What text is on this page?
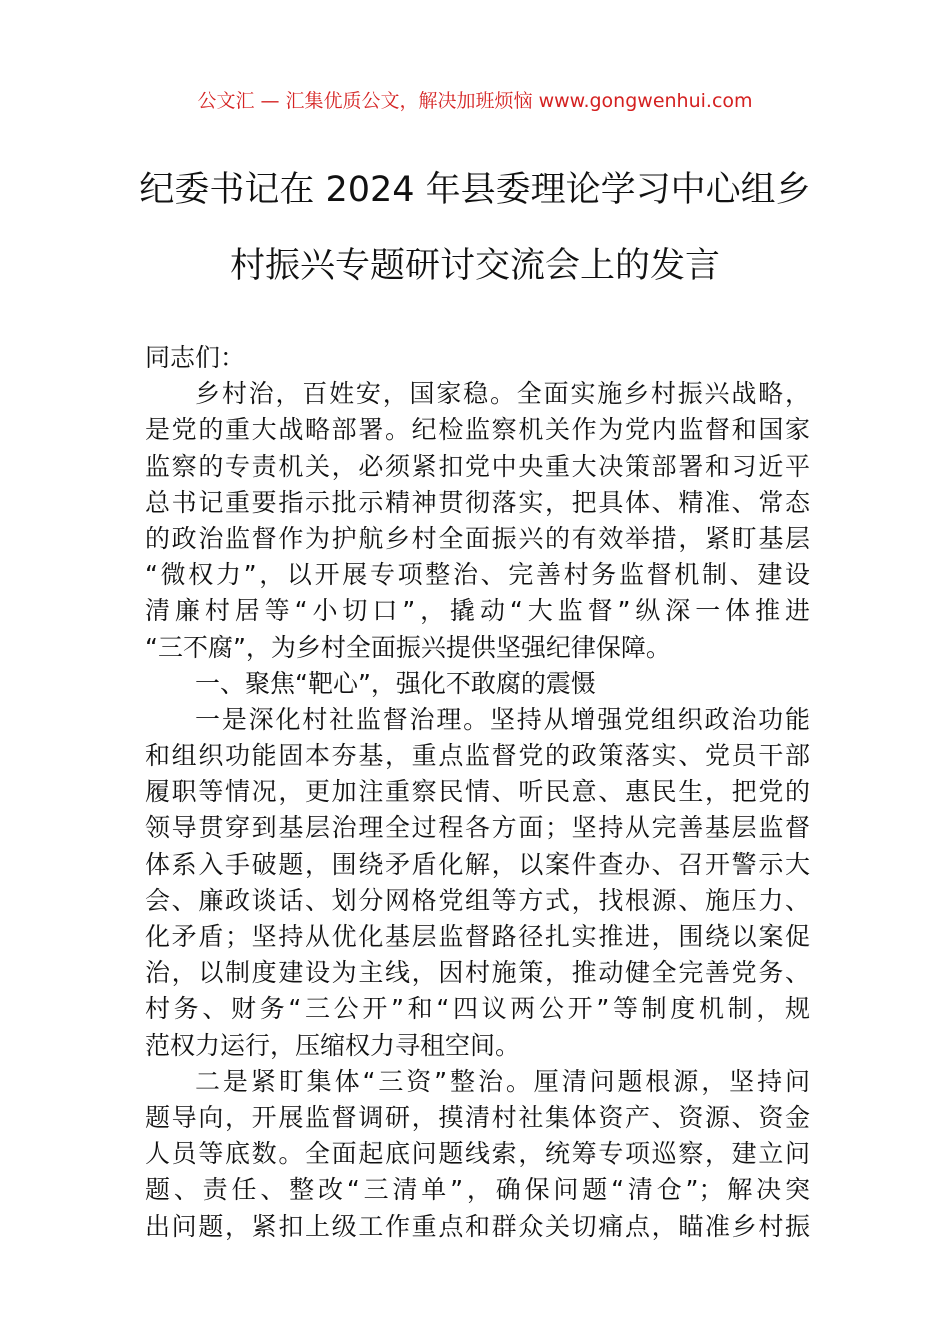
公文汇 — 汇集优质公文，解决加班烦恼 www.gongwenhui.com
纪委书记在 2024 年县委理论学习中心组乡
村振兴专题研讨交流会上的发言
同志们：
乡村治，百姓安，国家稳。全面实施乡村振兴战略，
是党的重大战略部署。纪检监察机关作为党内监督和国家
监察的专责机关，必须紧扣党中央重大决策部署和习近平
总书记重要指示批示精神贯彻落实，把具体、精准、常态
的政治监督作为护航乡村全面振兴的有效举措，紧盯基层
“微权力”，以开展专项整治、完善村务监督机制、建设
清廉村居等“小切口”，撬动“大监督”纵深一体推进
“三不腐”，为乡村全面振兴提供坚强纪律保障。
一、聚焦“靶心”，强化不敢腐的震慑
一是深化村社监督治理。坚持从增强党组织政治功能
和组织功能固本夯基，重点监督党的政策落实、党员干部
履职等情况，更加注重察民情、听民意、惠民生，把党的
领导贯穿到基层治理全过程各方面；坚持从完善基层监督
体系入手破题，围绕矛盾化解，以案件查办、召开警示大
会、廉政谈话、划分网格党组等方式，找根源、施压力、
化矛盾；坚持从优化基层监督路径扎实推进，围绕以案促
治，以制度建设为主线，因村施策，推动健全完善党务、
村务、财务“三公开”和“四议两公开”等制度机制，规
范权力运行，压缩权力寻租空间。
二是紧盯集体“三资”整治。厘清问题根源，坚持问
题导向，开展监督调研，摸清村社集体资产、资源、资金
人员等底数。全面起底问题线索，统筹专项巡察，建立问
题、责任、整改“三清单”，确保问题“清仓”；解决突
出问题，紧扣上级工作重点和群众关切痛点，瞄准乡村振
